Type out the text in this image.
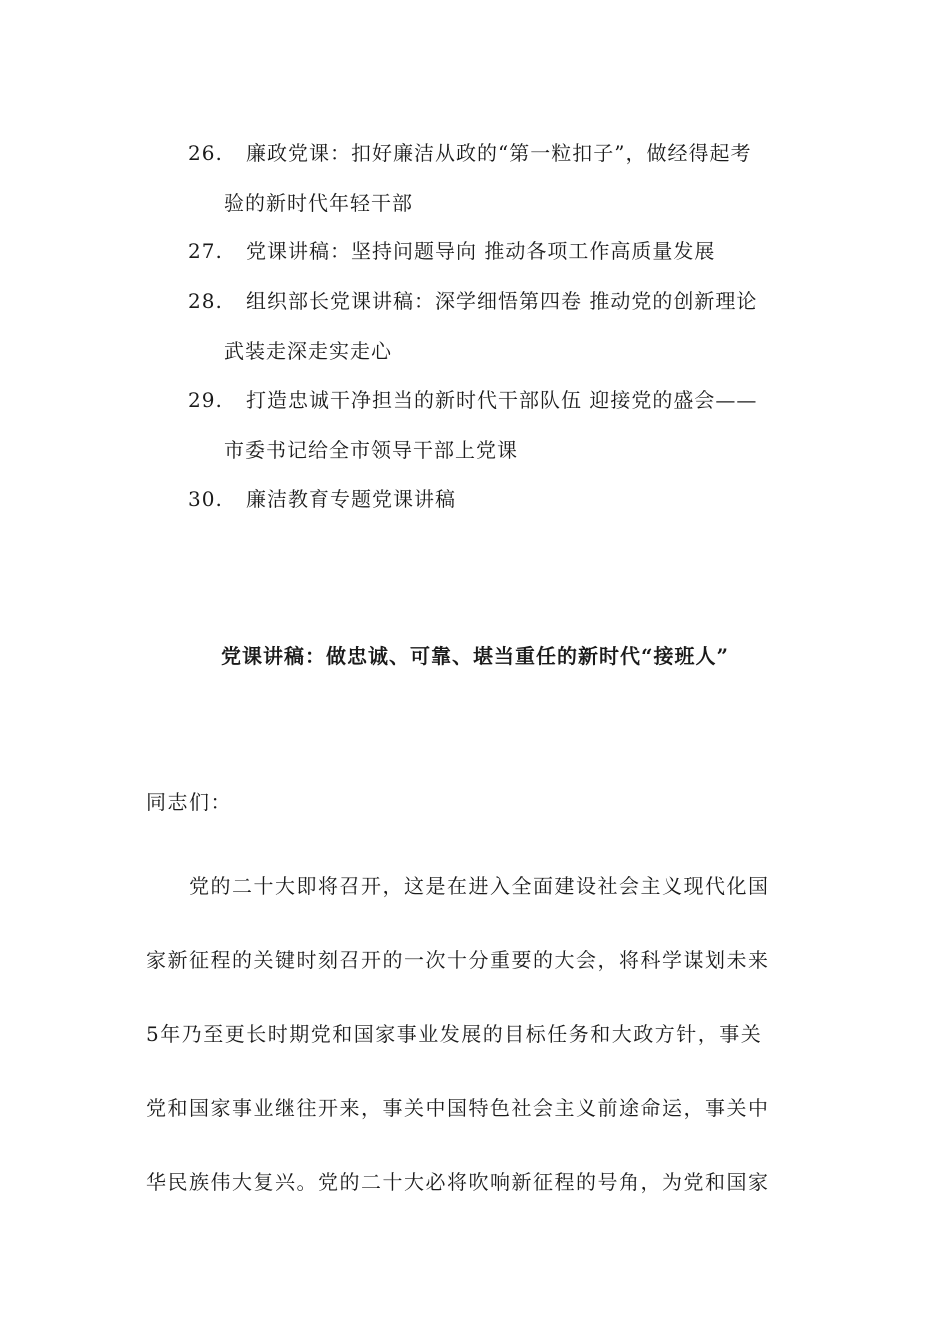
26.	廉政党课：扣好廉洁从政的“第一粒扣子”，做经得起考
验的新时代年轻干部
27.	党课讲稿：坚持问题导向 推动各项工作高质量发展
28.	组织部长党课讲稿：深学细悟第四卷 推动党的创新理论
武装走深走实走心
29.	打造忠诚干净担当的新时代干部队伍 迎接党的盛会——
市委书记给全市领导干部上党课
30.	廉洁教育专题党课讲稿
党课讲稿：做忠诚、可靠、堪当重任的新时代“接班人”
同志们：
　　党的二十大即将召开，这是在进入全面建设社会主义现代化国
家新征程的关键时刻召开的一次十分重要的大会，将科学谋划未来
5年乃至更长时期党和国家事业发展的目标任务和大政方针，事关
党和国家事业继往开来，事关中国特色社会主义前途命运，事关中
华民族伟大复兴。党的二十大必将吹响新征程的号角，为党和国家
